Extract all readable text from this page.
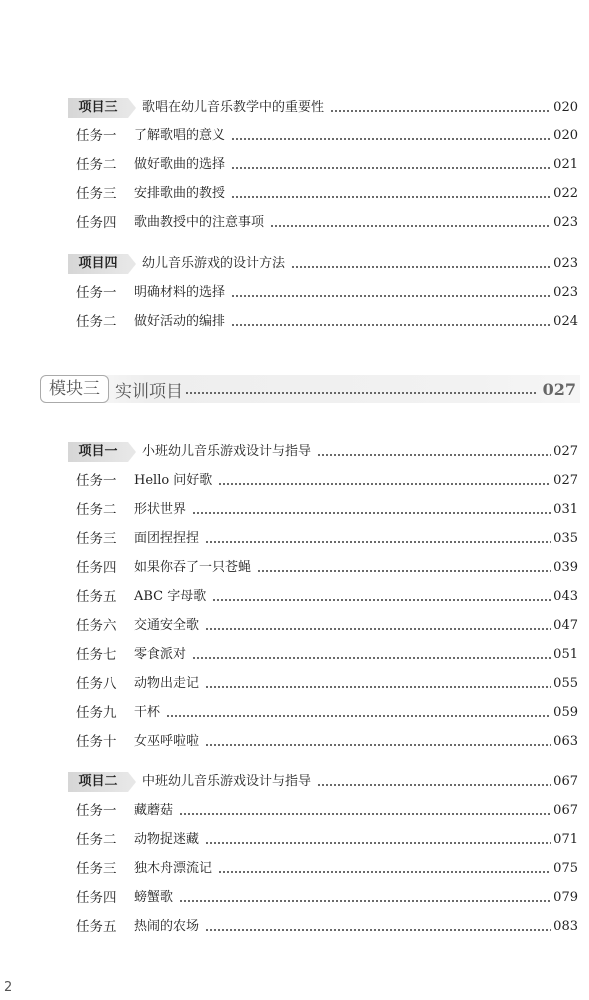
项目三	歌唱在幼儿音乐教学中的重要性	020
任务一	了解歌唱的意义	020
任务二	做好歌曲的选择	021
任务三	安排歌曲的教授	022
任务四	歌曲教授中的注意事项	023
项目四	幼儿音乐游戏的设计方法	023
任务一	明确材料的选择	023
任务二	做好活动的编排	024
模块三 实训项目	027
项目一	小班幼儿音乐游戏设计与指导	027
任务一	Hello 问好歌	027
任务二	形状世界	031
任务三	面团捏捏捏	035
任务四	如果你吞了一只苍蝇	039
任务五	ABC 字母歌	043
任务六	交通安全歌	047
任务七	零食派对	051
任务八	动物出走记	055
任务九	干杯	059
任务十	女巫呼啦啦	063
项目二	中班幼儿音乐游戏设计与指导	067
任务一	藏蘑菇	067
任务二	动物捉迷藏	071
任务三	独木舟漂流记	075
任务四	螃蟹歌	079
任务五	热闹的农场	083
2
